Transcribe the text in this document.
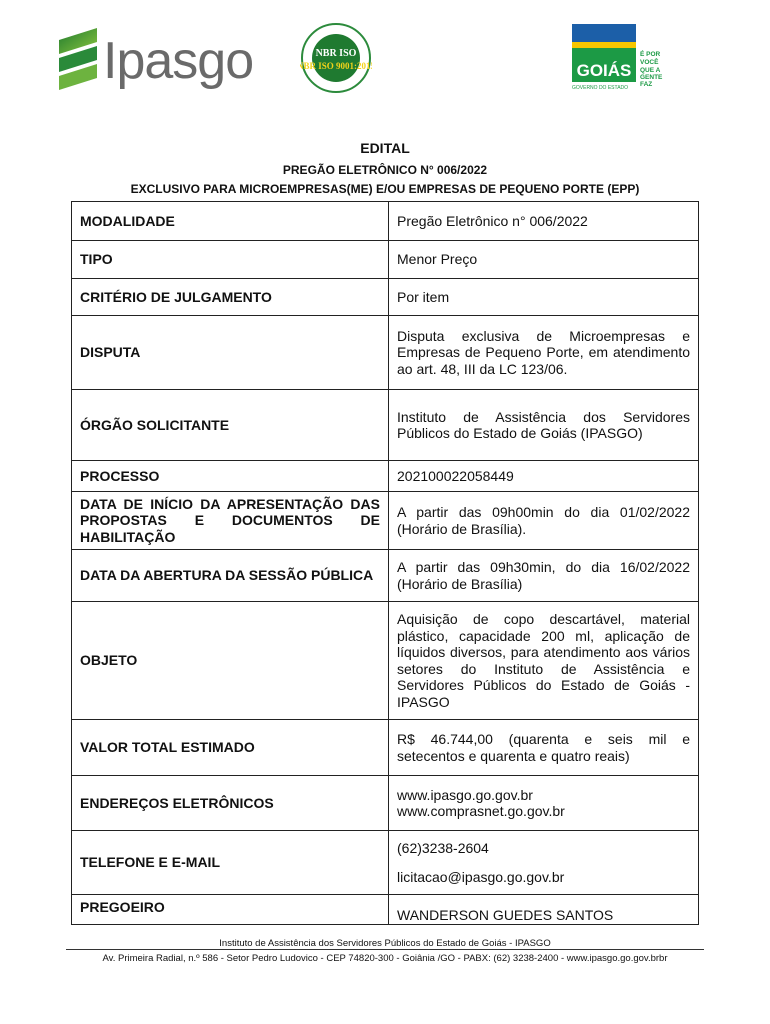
Ipasgo	NBR ISO
NBR ISO 9001:2015	GOIÁS
É POR
VOCÊ
QUE A
GENTE
FAZ
GOVERNO DO ESTADO
EDITAL
PREGÃO ELETRÔNICO N° 006/2022
EXCLUSIVO PARA MICROEMPRESAS(ME) E/OU EMPRESAS DE PEQUENO PORTE (EPP)
MODALIDADE	Pregão Eletrônico n° 006/2022
TIPO	Menor Preço
CRITÉRIO DE JULGAMENTO	Por item
DISPUTA	Disputa exclusiva de Microempresas e Empresas de Pequeno Porte, em atendimento ao art. 48, III da LC 123/06.
ÓRGÃO SOLICITANTE	Instituto de Assistência dos Servidores Públicos do Estado de Goiás (IPASGO)
PROCESSO	202100022058449
DATA DE INÍCIO DA APRESENTAÇÃO DAS PROPOSTAS E DOCUMENTOS DE HABILITAÇÃO	A partir das 09h00min do dia 01/02/2022 (Horário de Brasília).
DATA DA ABERTURA DA SESSÃO PÚBLICA	A partir das 09h30min, do dia 16/02/2022 (Horário de Brasília)
OBJETO	Aquisição de copo descartável, material plástico, capacidade 200 ml, aplicação de líquidos diversos, para atendimento aos vários setores do Instituto de Assistência e Servidores Públicos do Estado de Goiás - IPASGO
VALOR TOTAL ESTIMADO	R$ 46.744,00 (quarenta e seis mil e setecentos e quarenta e quatro reais)
ENDEREÇOS ELETRÔNICOS	www.ipasgo.go.gov.br
www.comprasnet.go.gov.br

TELEFONE E E-MAIL	(62)3238-2604
licitacao@ipasgo.go.gov.br

PREGOEIRO	WANDERSON GUEDES SANTOS
Instituto de Assistência dos Servidores Públicos do Estado de Goiás - IPASGO
Av. Primeira Radial, n.º 586 - Setor Pedro Ludovico - CEP 74820-300 - Goiânia /GO - PABX: (62) 3238-2400 - www.ipasgo.go.gov.brbr
